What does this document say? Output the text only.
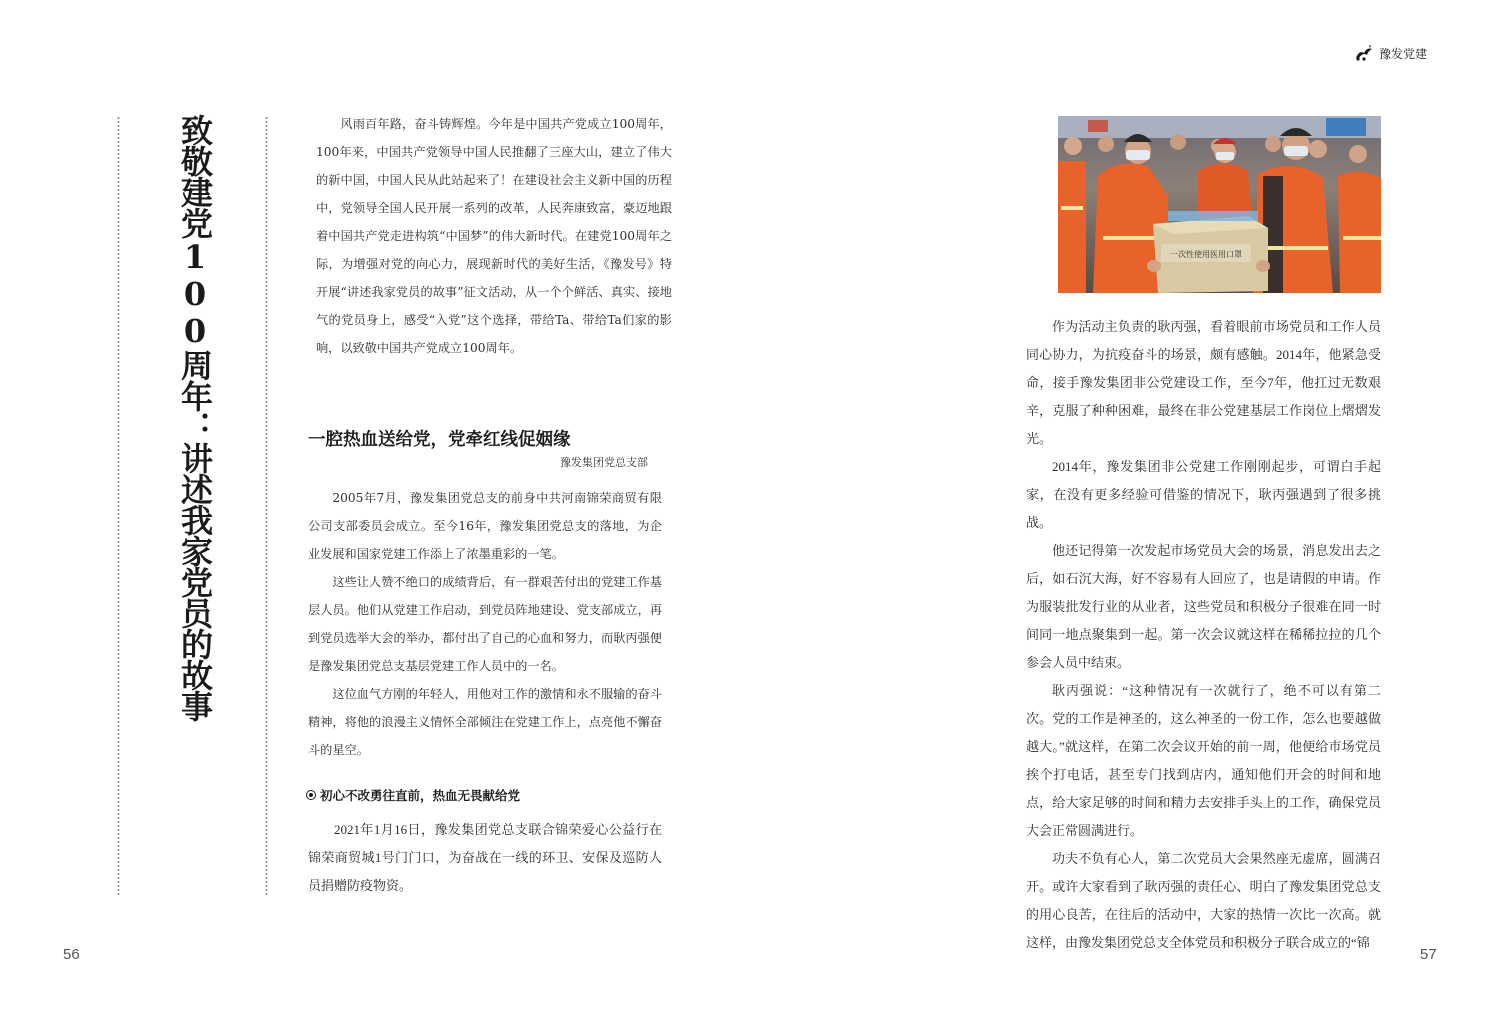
致敬建党100周年：讲述我家党员的故事	风雨百年路，奋斗铸辉煌。今年是中国共产党成立100周年，100年来，中国共产党领导中国人民推翻了三座大山，建立了伟大的新中国，中国人民从此站起来了！在建设社会主义新中国的历程中，党领导全国人民开展一系列的改革，人民奔康致富，豪迈地跟着中国共产党走进构筑“中国梦”的伟大新时代。在建党100周年之际，为增强对党的向心力，展现新时代的美好生活，《豫发号》特开展“讲述我家党员的故事”征文活动，从一个个鲜活、真实、接地气的党员身上，感受“入党”这个选择，带给Ta、带给Ta们家的影响，以致敬中国共产党成立100周年。

一腔热血送给党，党牵红线促姻缘
豫发集团党总支部

2005年7月，豫发集团党总支的前身中共河南锦荣商贸有限公司支部委员会成立。至今16年，豫发集团党总支的落地，为企业发展和国家党建工作添上了浓墨重彩的一笔。

这些让人赞不绝口的成绩背后，有一群艰苦付出的党建工作基层人员。他们从党建工作启动，到党员阵地建设、党支部成立，再到党员选举大会的举办，都付出了自己的心血和努力，而耿丙强便是豫发集团党总支基层党建工作人员中的一名。

这位血气方刚的年轻人，用他对工作的激情和永不服输的奋斗精神，将他的浪漫主义情怀全部倾注在党建工作上，点亮他不懈奋斗的星空。

初心不改勇往直前，热血无畏献给党

2021年1月16日，豫发集团党总支联合锦荣爱心公益行在锦荣商贸城1号门门口，为奋战在一线的环卫、安保及巡防人员捐赠防疫物资。

56
豫发党建
一次性使用医用口罩

作为活动主负责的耿丙强，看着眼前市场党员和工作人员同心协力，为抗疫奋斗的场景，颇有感触。2014年，他紧急受命，接手豫发集团非公党建设工作，至今7年，他扛过无数艰辛，克服了种种困难，最终在非公党建基层工作岗位上熠熠发光。

2014年，豫发集团非公党建工作刚刚起步，可谓白手起家，在没有更多经验可借鉴的情况下，耿丙强遇到了很多挑战。

他还记得第一次发起市场党员大会的场景，消息发出去之后，如石沉大海，好不容易有人回应了，也是请假的申请。作为服装批发行业的从业者，这些党员和积极分子很难在同一时间同一地点聚集到一起。第一次会议就这样在稀稀拉拉的几个参会人员中结束。

耿丙强说：“这种情况有一次就行了，绝不可以有第二次。党的工作是神圣的，这么神圣的一份工作，怎么也要越做越大。”就这样，在第二次会议开始的前一周，他便给市场党员挨个打电话，甚至专门找到店内，通知他们开会的时间和地点，给大家足够的时间和精力去安排手头上的工作，确保党员大会正常圆满进行。

功夫不负有心人，第二次党员大会果然座无虚席，圆满召开。或许大家看到了耿丙强的责任心、明白了豫发集团党总支的用心良苦，在往后的活动中，大家的热情一次比一次高。就这样，由豫发集团党总支全体党员和积极分子联合成立的“锦

57
